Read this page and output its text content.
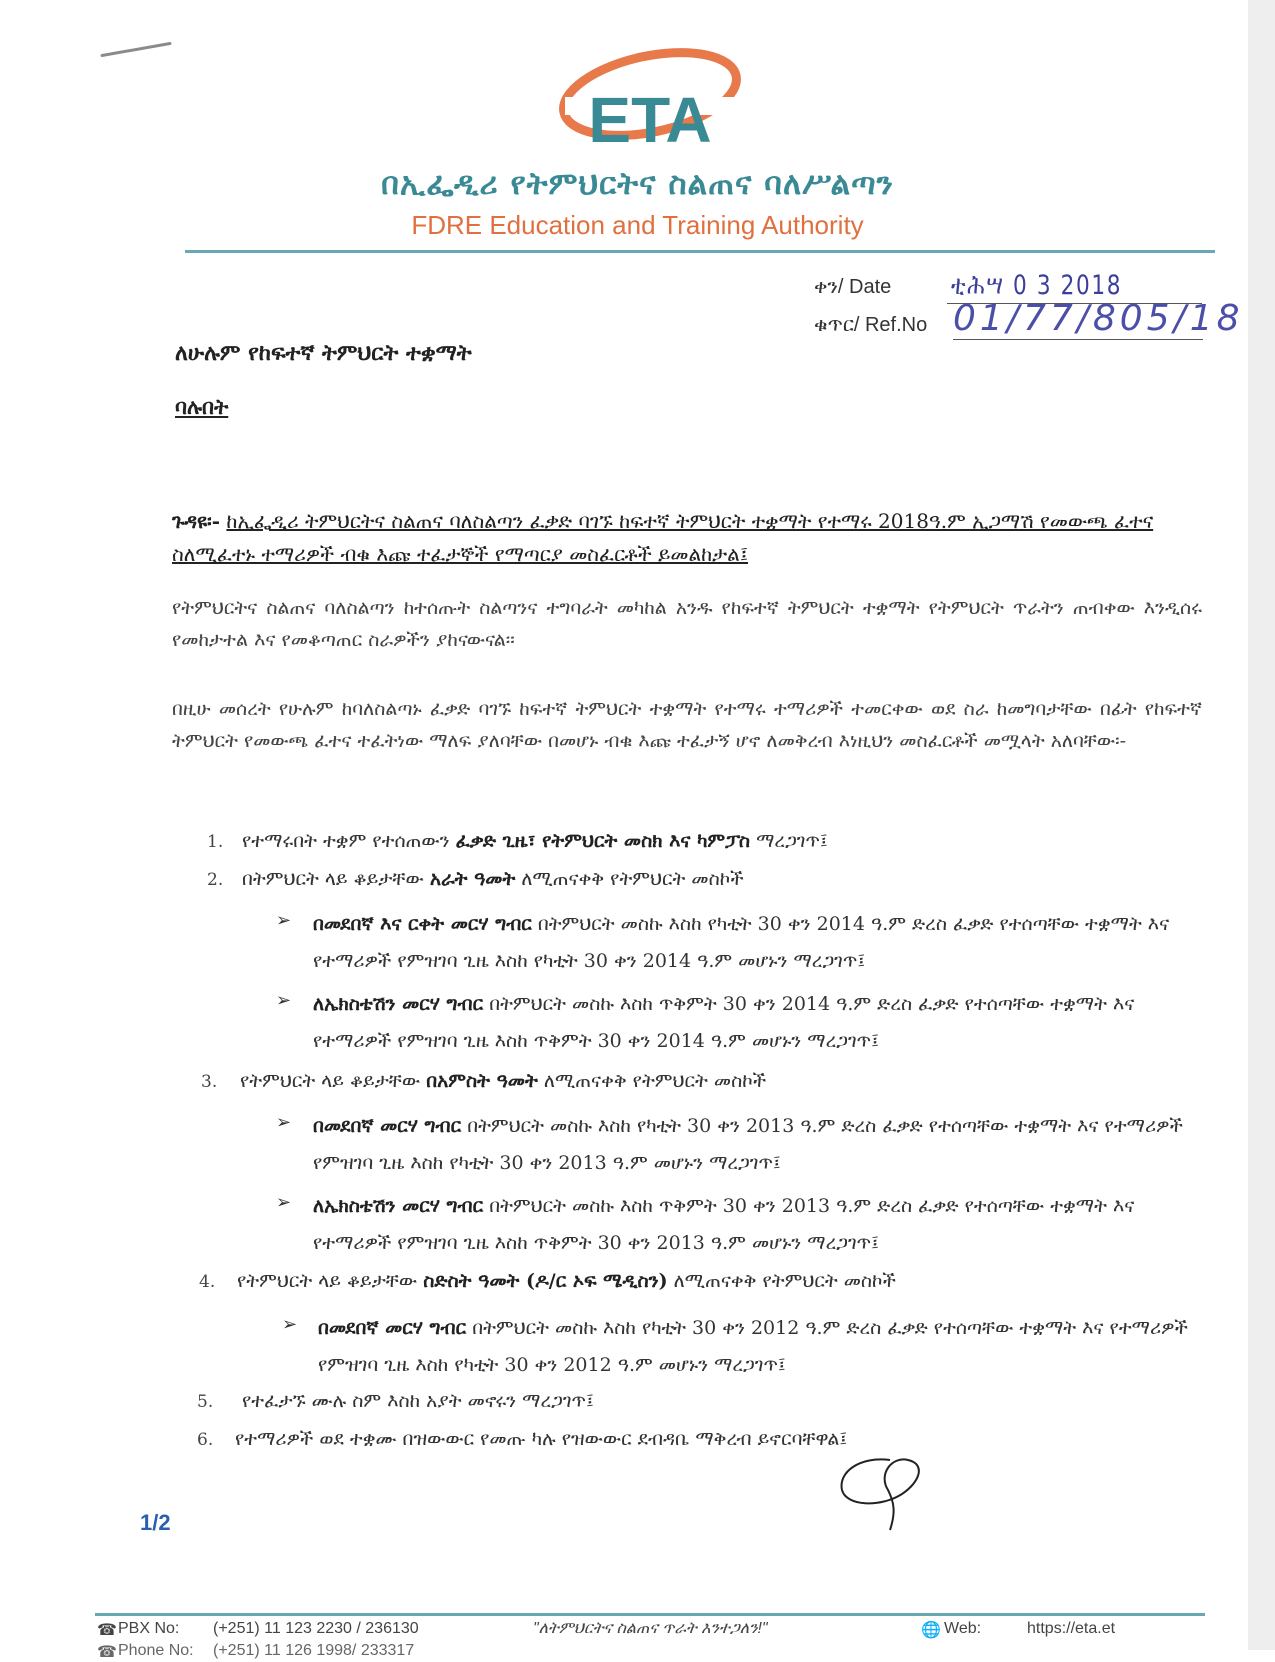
ETA
በኢፌዲሪ የትምህርትና ስልጠና ባለሥልጣን
FDRE Education and Training Authority
ቀን/ Date ቲሕሣ 0 3 2018
ቁጥር/ Ref.No 01/77/805/18
ለሁሉም የከፍተኛ ትምህርት ተቋማት
ባሉበት
ጉዳዩ፡- ከኢፌዲሪ ትምህርትና ስልጠና ባለስልጣን ፈቃድ ባገኙ ከፍተኛ ትምህርት ተቋማት የተማሩ 2018ዓ.ም ኢጋማሽ የመውጫ ፈተና ስለሚፈተኑ ተማሪዎች ብቁ እጩ ተፈታኞች የማጣርያ መስፈርቶች ይመልከታል፤
የትምህርትና ስልጠና ባለስልጣን ከተሰጡት ስልጣንና ተግባራት መካከል አንዱ የከፍተኛ ትምህርት ተቋማት የትምህርት ጥራትን ጠብቀው እንዲሰሩ የመከታተል እና የመቆጣጠር ስራዎችን ያከናውናል፡፡
በዚሁ መሰረት የሁሉም ከባለስልጣኑ ፈቃድ ባገኙ ከፍተኛ ትምህርት ተቋማት የተማሩ ተማሪዎች ተመርቀው ወደ ስራ ከመግባታቸው በፊት የከፍተኛ ትምህርት የመውጫ ፈተና ተፈትነው ማለፍ ያለባቸው በመሆኑ ብቁ እጩ ተፈታኝ ሆኖ ለመቅረብ እነዚህን መስፈርቶች መሟላት አለባቸው፡-
1. የተማሩበት ተቋም የተሰጠውን ፈቃድ ጊዜ፣ የትምህርት መስክ እና ካምፓስ ማረጋገጥ፤
2. በትምህርት ላይ ቆይታቸው አራት ዓመት ለሚጠናቀቅ የትምህርት መስኮች
➢ በመደበኛ እና ርቀት መርሃ ግብር በትምህርት መስኩ እስከ የካቲት 30 ቀን 2014 ዓ.ም ድረስ ፈቃድ የተሰጣቸው ተቋማት እና የተማሪዎች የምዝገባ ጊዜ እስከ የካቲት 30 ቀን 2014 ዓ.ም መሆኑን ማረጋገጥ፤
➢ ለኤክስቴሽን መርሃ ግብር በትምህርት መስኩ እስከ ጥቅምት 30 ቀን 2014 ዓ.ም ድረስ ፈቃድ የተሰጣቸው ተቋማት እና የተማሪዎች የምዝገባ ጊዜ እስከ ጥቅምት 30 ቀን 2014 ዓ.ም መሆኑን ማረጋገጥ፤
3. የትምህርት ላይ ቆይታቸው በአምስት ዓመት ለሚጠናቀቅ የትምህርት መስኮች
➢ በመደበኛ መርሃ ግብር በትምህርት መስኩ እስከ የካቲት 30 ቀን 2013 ዓ.ም ድረስ ፈቃድ የተሰጣቸው ተቋማት እና የተማሪዎች የምዝገባ ጊዜ እስከ የካቲት 30 ቀን 2013 ዓ.ም መሆኑን ማረጋገጥ፤
➢ ለኤክስቴሽን መርሃ ግብር በትምህርት መስኩ እስከ ጥቅምት 30 ቀን 2013 ዓ.ም ድረስ ፈቃድ የተሰጣቸው ተቋማት እና የተማሪዎች የምዝገባ ጊዜ እስከ ጥቅምት 30 ቀን 2013 ዓ.ም መሆኑን ማረጋገጥ፤
4. የትምህርት ላይ ቆይታቸው ስድስት ዓመት (ዶ/ር ኦፍ ሜዲስን) ለሚጠናቀቅ የትምህርት መስኮች
➢ በመደበኛ መርሃ ግብር በትምህርት መስኩ እስከ የካቲት 30 ቀን 2012 ዓ.ም ድረስ ፈቃድ የተሰጣቸው ተቋማት እና የተማሪዎች የምዝገባ ጊዜ እስከ የካቲት 30 ቀን 2012 ዓ.ም መሆኑን ማረጋገጥ፤
5. የተፈታኙ ሙሉ ስም እስከ አያት መኖሩን ማረጋገጥ፤
6. የተማሪዎች ወደ ተቋሙ በዝውውር የመጡ ካሉ የዝውውር ደብዳቤ ማቅረብ ይኖርባቸዋል፤
1/2
☎ PBX No: (+251) 11 123 2230 / 236130	"ለትምህርትና ስልጠና ጥራት እንተጋለን!"	🌐 Web:	https://eta.et
☎ Phone No: (+251) 11 126 1998/ 233317
